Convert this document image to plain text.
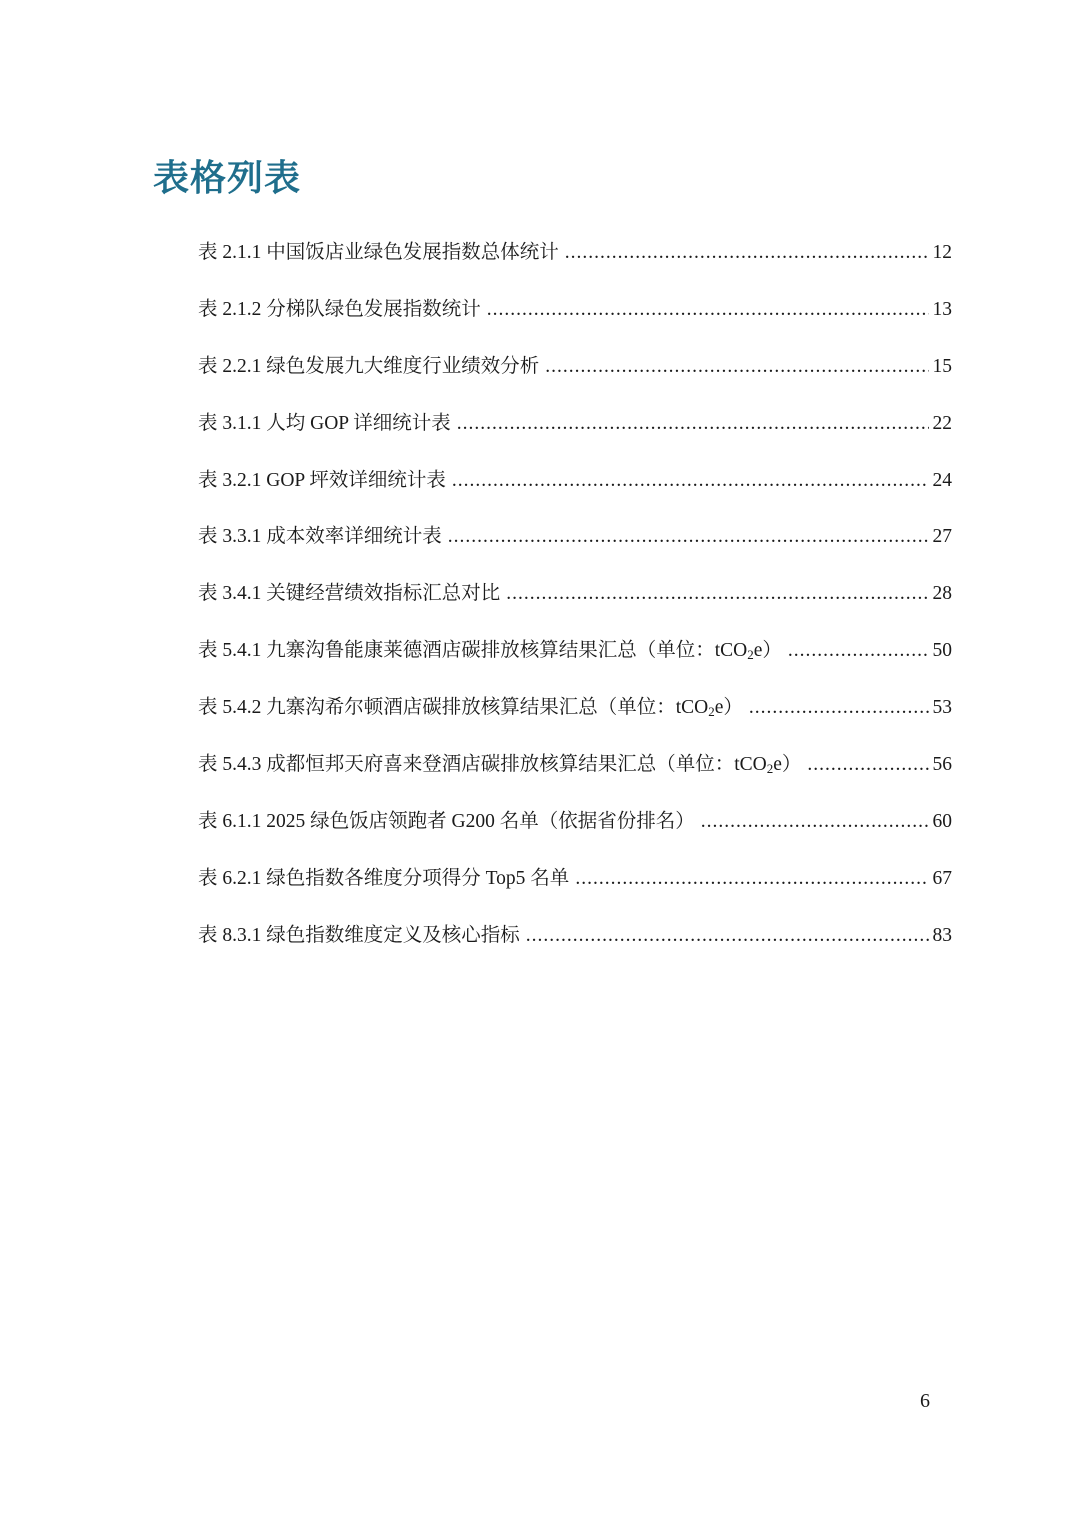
表格列表
表 2.1.1 中国饭店业绿色发展指数总体统计 .....	12
表 2.1.2 分梯队绿色发展指数统计 .....	13
表 2.2.1 绿色发展九大维度行业绩效分析 .....	15
表 3.1.1 人均 GOP 详细统计表 .....	22
表 3.2.1 GOP 坪效详细统计表 .....	24
表 3.3.1 成本效率详细统计表 .....	27
表 3.4.1 关键经营绩效指标汇总对比 .....	28
表 5.4.1 九寨沟鲁能康莱德酒店碳排放核算结果汇总（单位：tCO$_2$e） .....	50
表 5.4.2 九寨沟希尔顿酒店碳排放核算结果汇总（单位：tCO$_2$e） .....	53
表 5.4.3 成都恒邦天府喜来登酒店碳排放核算结果汇总（单位：tCO$_2$e） .....	56
表 6.1.1 2025 绿色饭店领跑者 G200 名单（依据省份排名） .....	60
表 6.2.1 绿色指数各维度分项得分 Top5 名单 .....	67
表 8.3.1 绿色指数维度定义及核心指标 .....	83
6
